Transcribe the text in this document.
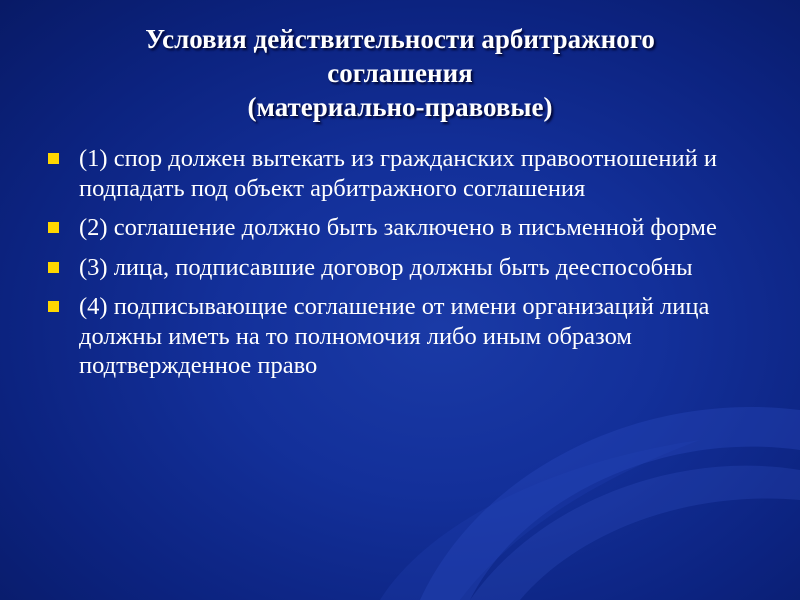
Условия действительности арбитражного
соглашения
(материально-правовые)
(1) спор должен вытекать из гражданских правоотношений и подпадать под объект арбитражного соглашения
(2) соглашение должно быть заключено в письменной форме
(3) лица, подписавшие договор должны быть дееспособны
(4) подписывающие соглашение от имени организаций лица должны иметь на то полномочия либо иным образом подтвержденное право
